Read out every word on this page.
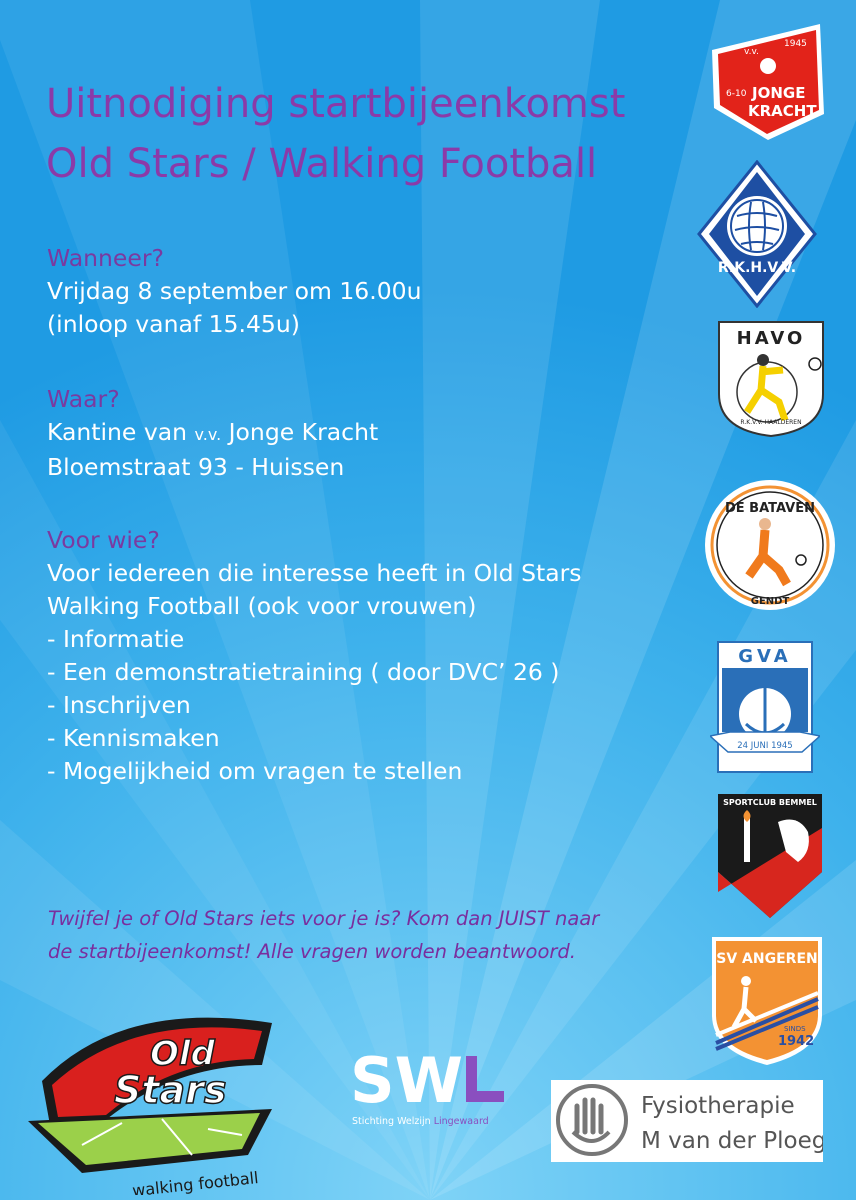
Uitnodiging startbijeenkomst
Old Stars / Walking Football
Wanneer?
Vrijdag 8 september om 16.00u
(inloop vanaf 15.45u)
Waar?
Kantine van v.v. Jonge Kracht
Bloemstraat 93 - Huissen
Voor wie?
Voor iedereen die interesse heeft in Old Stars
Walking Football (ook voor vrouwen)
- Informatie
- Een demonstratietraining ( door DVC’ 26 )
- Inschrijven
- Kennismaken
- Mogelijkheid om vragen te stellen
Twijfel je of Old Stars iets voor je is? Kom dan JUIST naar
de startbijeenkomst! Alle vragen worden beantwoord.
v.v.
1945
6-10 JONGE
KRACHT
R.K.H.V.V.
HAVO
R.K.V.V. HAALDEREN
DE BATAVEN
GENDT
GVA
24 JUNI 1945
SPORTCLUB BEMMEL
SV ANGEREN
SINDS
1942
Old
Stars
walking football
SW
Stichting Welzijn Lingewaard
Fysiotherapie
M van der Ploeg
